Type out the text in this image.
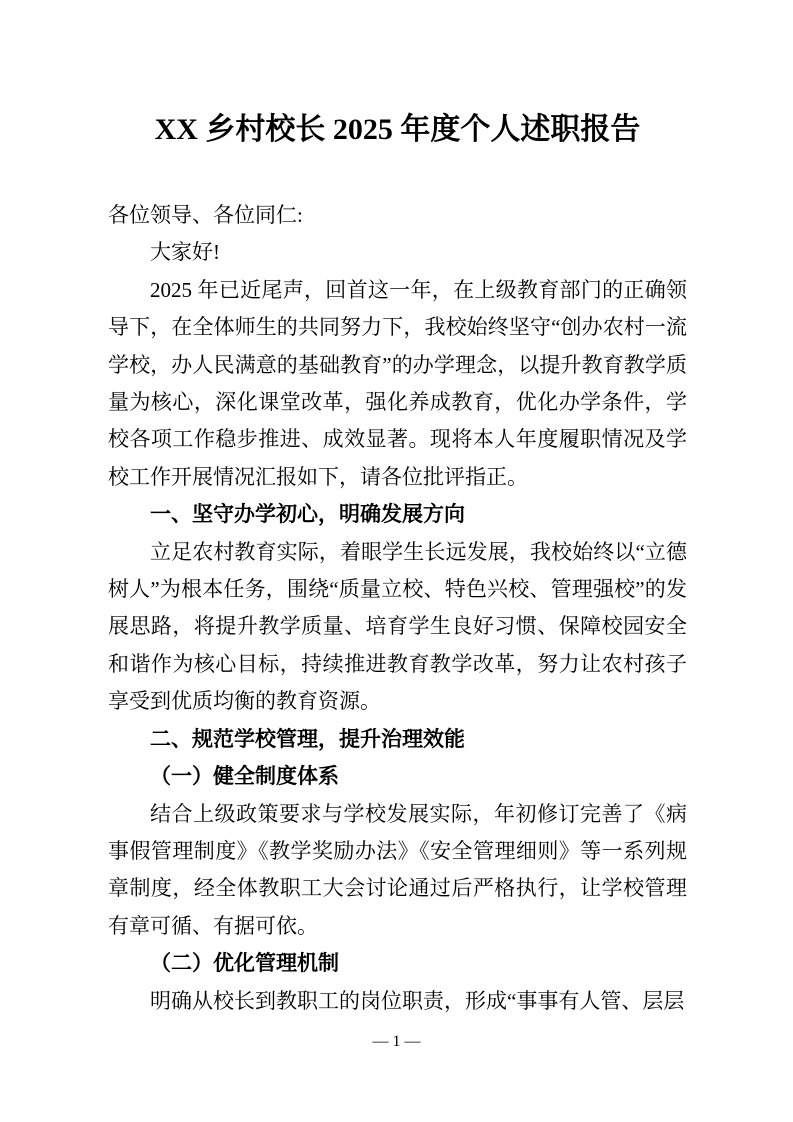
XX 乡村校长 2025 年度个人述职报告

各位领导、各位同仁:

大家好!

2025 年已近尾声，回首这一年，在上级教育部门的正确领导下，在全体师生的共同努力下，我校始终坚守“创办农村一流学校，办人民满意的基础教育”的办学理念，以提升教育教学质量为核心，深化课堂改革，强化养成教育，优化办学条件，学校各项工作稳步推进、成效显著。现将本人年度履职情况及学校工作开展情况汇报如下，请各位批评指正。

一、坚守办学初心，明确发展方向

立足农村教育实际，着眼学生长远发展，我校始终以“立德树人”为根本任务，围绕“质量立校、特色兴校、管理强校”的发展思路，将提升教学质量、培育学生良好习惯、保障校园安全和谐作为核心目标，持续推进教育教学改革，努力让农村孩子享受到优质均衡的教育资源。

二、规范学校管理，提升治理效能
（一）健全制度体系

结合上级政策要求与学校发展实际，年初修订完善了《病事假管理制度》《教学奖励办法》《安全管理细则》等一系列规章制度，经全体教职工大会讨论通过后严格执行，让学校管理有章可循、有据可依。

（二）优化管理机制

明确从校长到教职工的岗位职责，形成“事事有人管、层层

— 1 —
